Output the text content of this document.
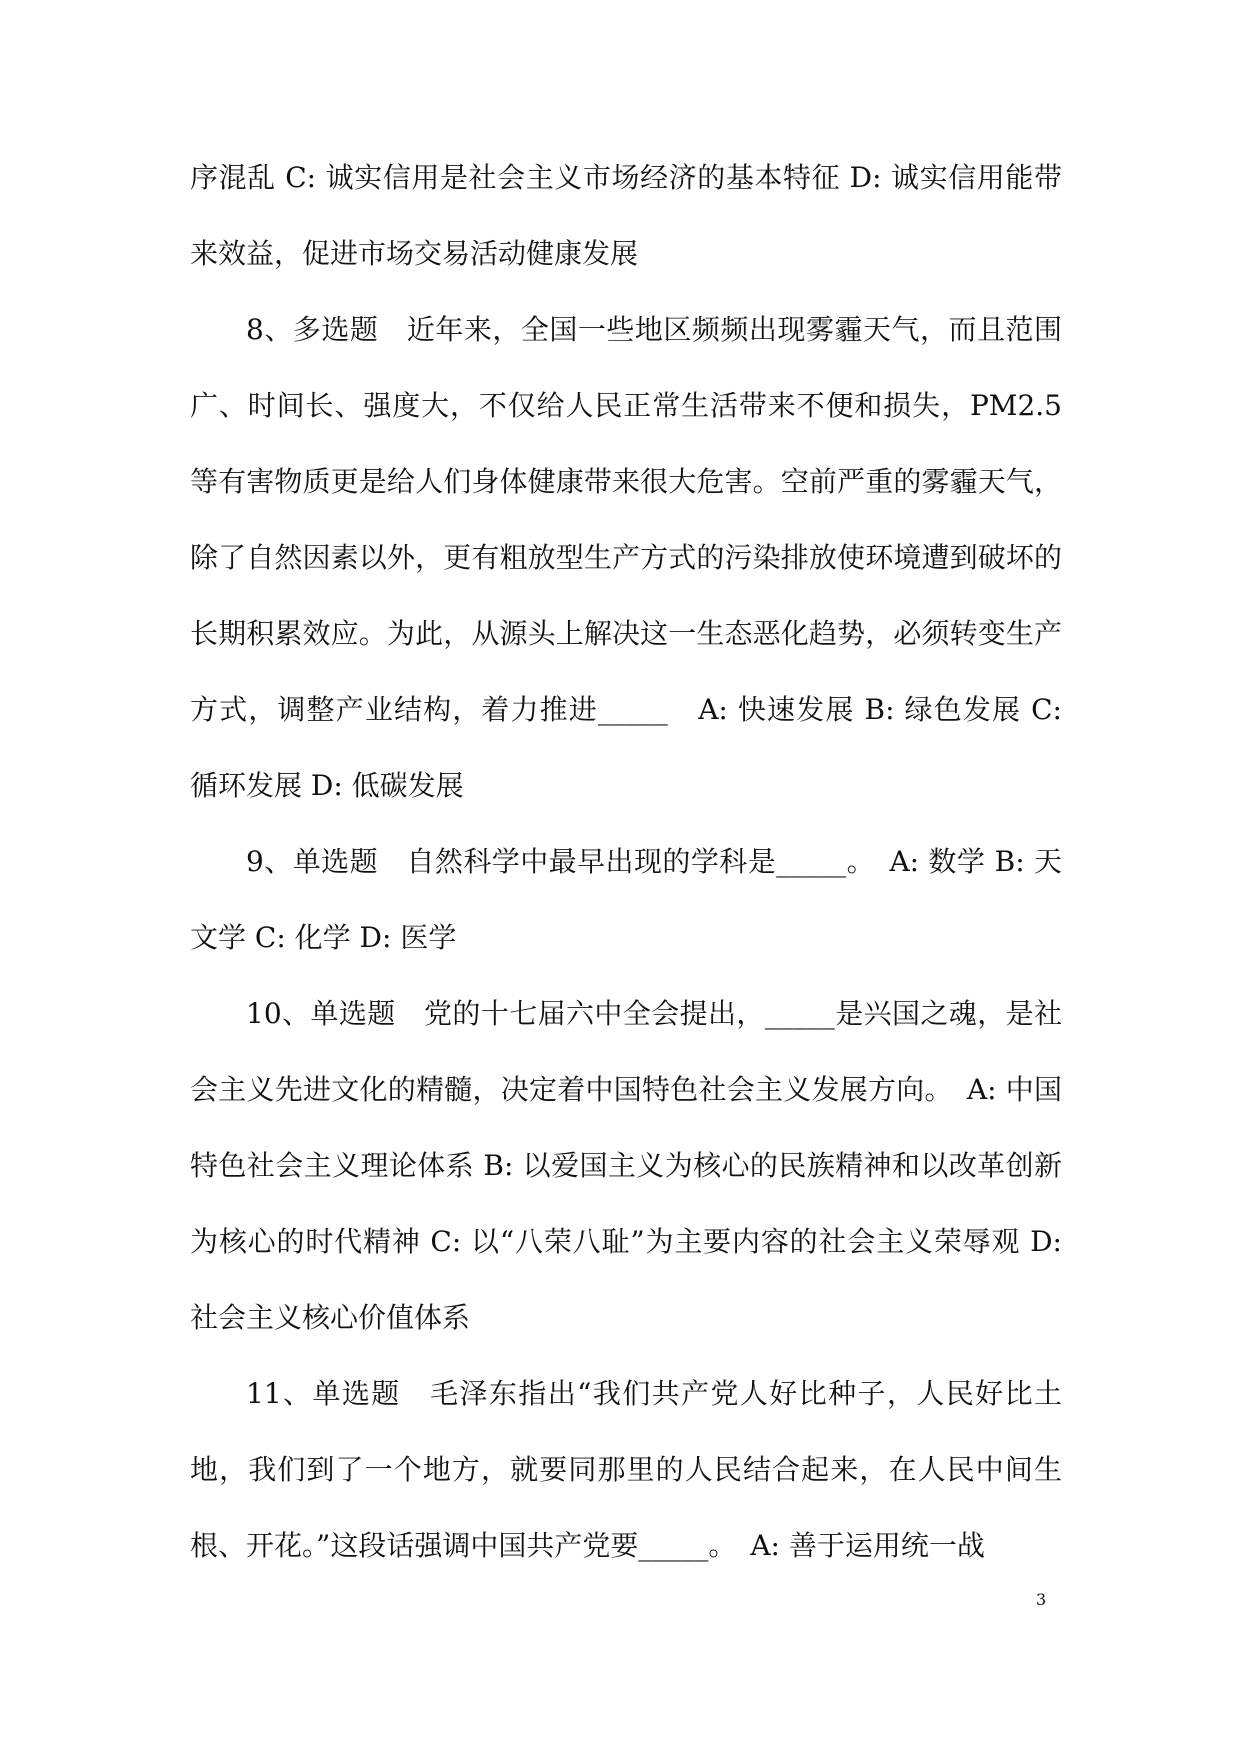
序混乱 C: 诚实信用是社会主义市场经济的基本特征 D: 诚实信用能带来效益，促进市场交易活动健康发展

8、多选题　近年来，全国一些地区频频出现雾霾天气，而且范围广、时间长、强度大，不仅给人民正常生活带来不便和损失，PM2.5 等有害物质更是给人们身体健康带来很大危害。空前严重的雾霾天气，除了自然因素以外，更有粗放型生产方式的污染排放使环境遭到破坏的长期积累效应。为此，从源头上解决这一生态恶化趋势，必须转变生产方式，调整产业结构，着力推进_____　A: 快速发展 B: 绿色发展 C: 循环发展 D: 低碳发展

9、单选题　自然科学中最早出现的学科是_____。　A: 数学 B: 天文学 C: 化学 D: 医学

10、单选题　党的十七届六中全会提出，_____是兴国之魂，是社会主义先进文化的精髓，决定着中国特色社会主义发展方向。　A: 中国特色社会主义理论体系 B: 以爱国主义为核心的民族精神和以改革创新为核心的时代精神 C: 以“八荣八耻”为主要内容的社会主义荣辱观 D: 社会主义核心价值体系

11、单选题　毛泽东指出“我们共产党人好比种子，人民好比土地，我们到了一个地方，就要同那里的人民结合起来，在人民中间生根、开花。”这段话强调中国共产党要_____。　A: 善于运用统一战

3
